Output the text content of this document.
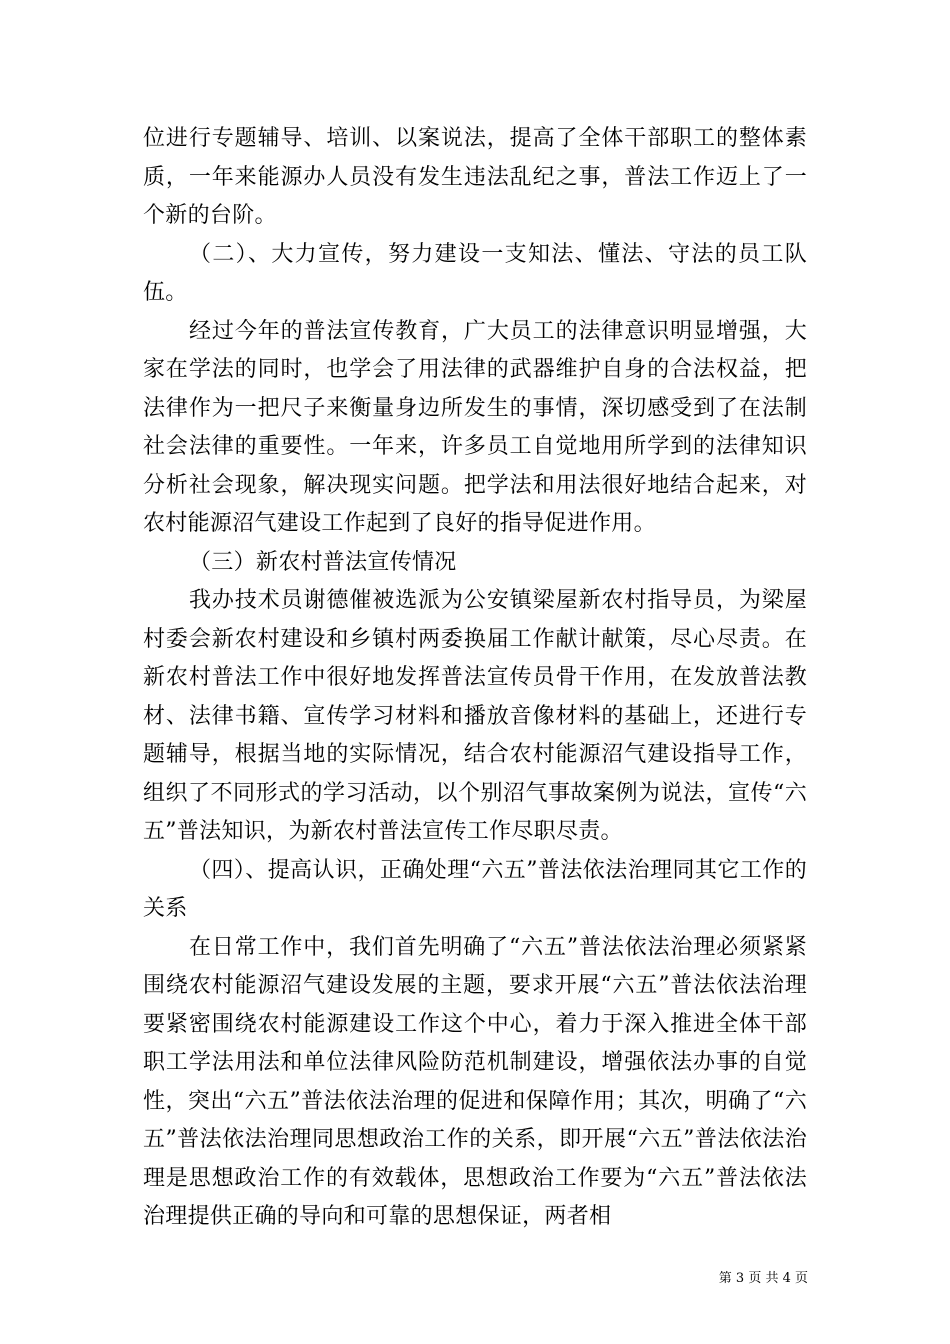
位进行专题辅导、培训、以案说法，提高了全体干部职工的整体素质，一年来能源办人员没有发生违法乱纪之事，普法工作迈上了一个新的台阶。

（二）、大力宣传，努力建设一支知法、懂法、守法的员工队伍。

经过今年的普法宣传教育，广大员工的法律意识明显增强，大家在学法的同时，也学会了用法律的武器维护自身的合法权益，把法律作为一把尺子来衡量身边所发生的事情，深切感受到了在法制社会法律的重要性。一年来，许多员工自觉地用所学到的法律知识分析社会现象，解决现实问题。把学法和用法很好地结合起来，对农村能源沼气建设工作起到了良好的指导促进作用。

（三）新农村普法宣传情况

我办技术员谢德催被选派为公安镇梁屋新农村指导员，为梁屋村委会新农村建设和乡镇村两委换届工作献计献策，尽心尽责。在新农村普法工作中很好地发挥普法宣传员骨干作用，在发放普法教材、法律书籍、宣传学习材料和播放音像材料的基础上，还进行专题辅导，根据当地的实际情况，结合农村能源沼气建设指导工作，组织了不同形式的学习活动，以个别沼气事故案例为说法，宣传“六五”普法知识，为新农村普法宣传工作尽职尽责。

（四）、提高认识，正确处理“六五”普法依法治理同其它工作的关系

在日常工作中，我们首先明确了“六五”普法依法治理必须紧紧围绕农村能源沼气建设发展的主题，要求开展“六五”普法依法治理要紧密围绕农村能源建设工作这个中心，着力于深入推进全体干部职工学法用法和单位法律风险防范机制建设，增强依法办事的自觉性，突出“六五”普法依法治理的促进和保障作用；其次，明确了“六五”普法依法治理同思想政治工作的关系，即开展“六五”普法依法治理是思想政治工作的有效载体，思想政治工作要为“六五”普法依法治理提供正确的导向和可靠的思想保证，两者相

第 3 页 共 4 页
